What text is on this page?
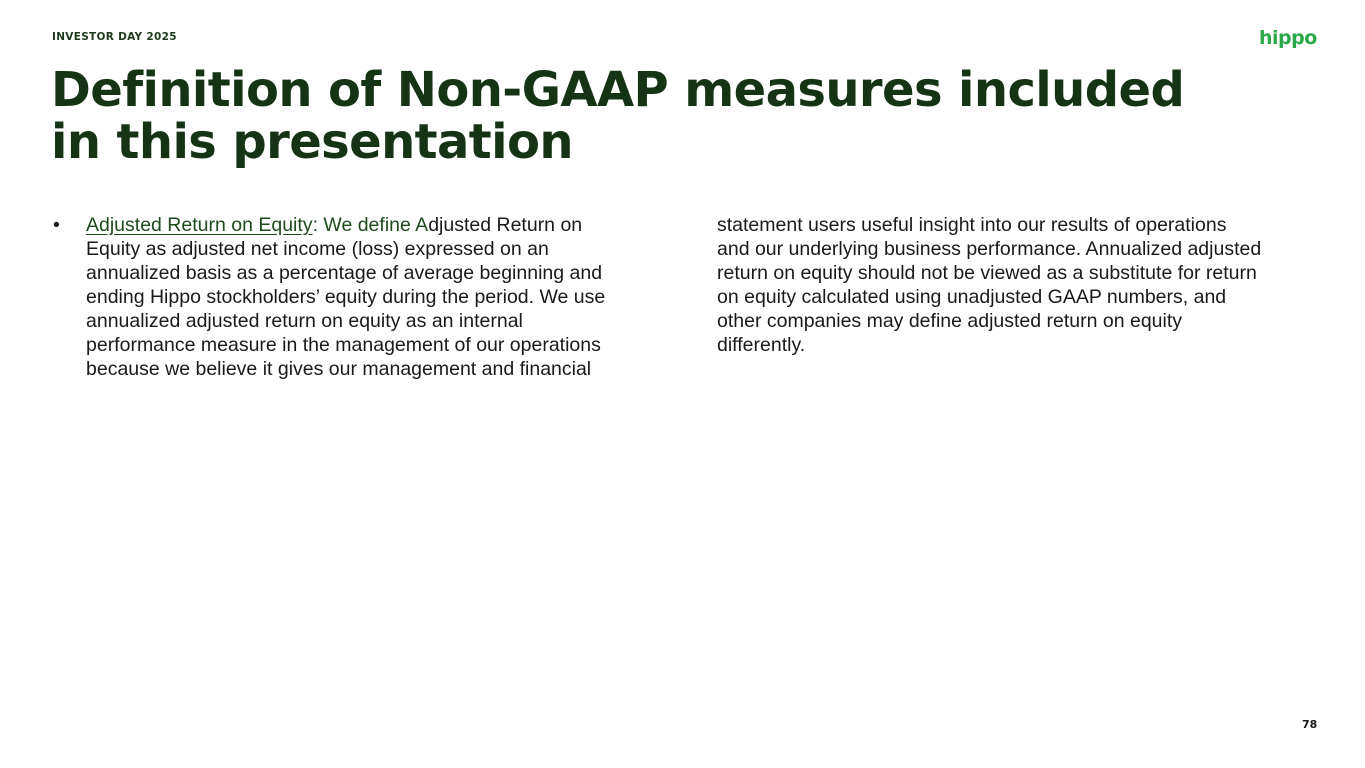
INVESTOR DAY 2025	hippo
Definition of Non-GAAP measures included
in this presentation
• Adjusted Return on Equity: We define Adjusted Return on
Equity as adjusted net income (loss) expressed on an
annualized basis as a percentage of average beginning and
ending Hippo stockholders’ equity during the period. We use
annualized adjusted return on equity as an internal
performance measure in the management of our operations
because we believe it gives our management and financial
statement users useful insight into our results of operations
and our underlying business performance. Annualized adjusted
return on equity should not be viewed as a substitute for return
on equity calculated using unadjusted GAAP numbers, and
other companies may define adjusted return on equity
differently.
78
